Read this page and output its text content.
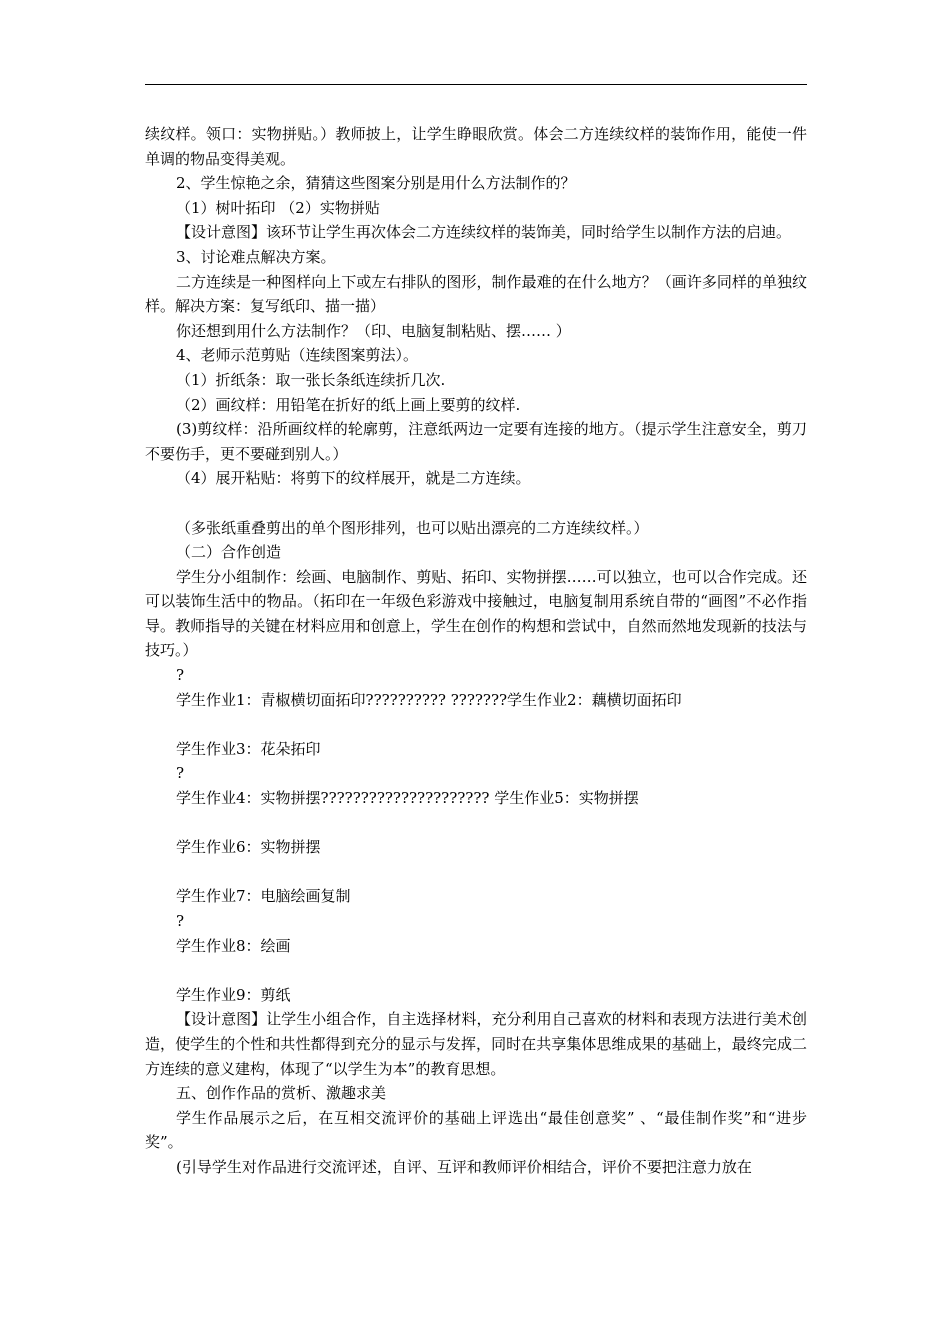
续纹样。领口：实物拼贴。）教师披上，让学生睁眼欣赏。体会二方连续纹样的装饰作用，能使一件单调的物品变得美观。

2、学生惊艳之余，猜猜这些图案分别是用什么方法制作的？

（1）树叶拓印 （2）实物拼贴

【设计意图】该环节让学生再次体会二方连续纹样的装饰美，同时给学生以制作方法的启迪。

3、讨论难点解决方案。

二方连续是一种图样向上下或左右排队的图形，制作最难的在什么地方？（画许多同样的单独纹样。解决方案：复写纸印、描一描）

你还想到用什么方法制作？（印、电脑复制粘贴、摆…… ）

4、老师示范剪贴（连续图案剪法）。

（1）折纸条：取一张长条纸连续折几次.

（2）画纹样：用铅笔在折好的纸上画上要剪的纹样.

(3)剪纹样：沿所画纹样的轮廓剪，注意纸两边一定要有连接的地方。（提示学生注意安全，剪刀不要伤手，更不要碰到别人。）

（4）展开粘贴：将剪下的纹样展开，就是二方连续。

（多张纸重叠剪出的单个图形排列，也可以贴出漂亮的二方连续纹样。）

（二）合作创造

学生分小组制作：绘画、电脑制作、剪贴、拓印、实物拼摆……可以独立，也可以合作完成。还可以装饰生活中的物品。（拓印在一年级色彩游戏中接触过，电脑复制用系统自带的“画图”不必作指导。教师指导的关键在材料应用和创意上，学生在创作的构想和尝试中，自然而然地发现新的技法与技巧。）

?

学生作业1：青椒横切面拓印?????????? ???????学生作业2：藕横切面拓印

学生作业3：花朵拓印

?

学生作业4：实物拼摆????????????????????? 学生作业5：实物拼摆

学生作业6：实物拼摆

学生作业7：电脑绘画复制

?

学生作业8：绘画

学生作业9：剪纸

【设计意图】让学生小组合作，自主选择材料，充分利用自己喜欢的材料和表现方法进行美术创造，使学生的个性和共性都得到充分的显示与发挥，同时在共享集体思维成果的基础上，最终完成二方连续的意义建构，体现了“以学生为本”的教育思想。

五、创作作品的赏析、激趣求美

学生作品展示之后，在互相交流评价的基础上评选出“最佳创意奖” 、“最佳制作奖”和“进步奖”。

(引导学生对作品进行交流评述，自评、互评和教师评价相结合，评价不要把注意力放在
